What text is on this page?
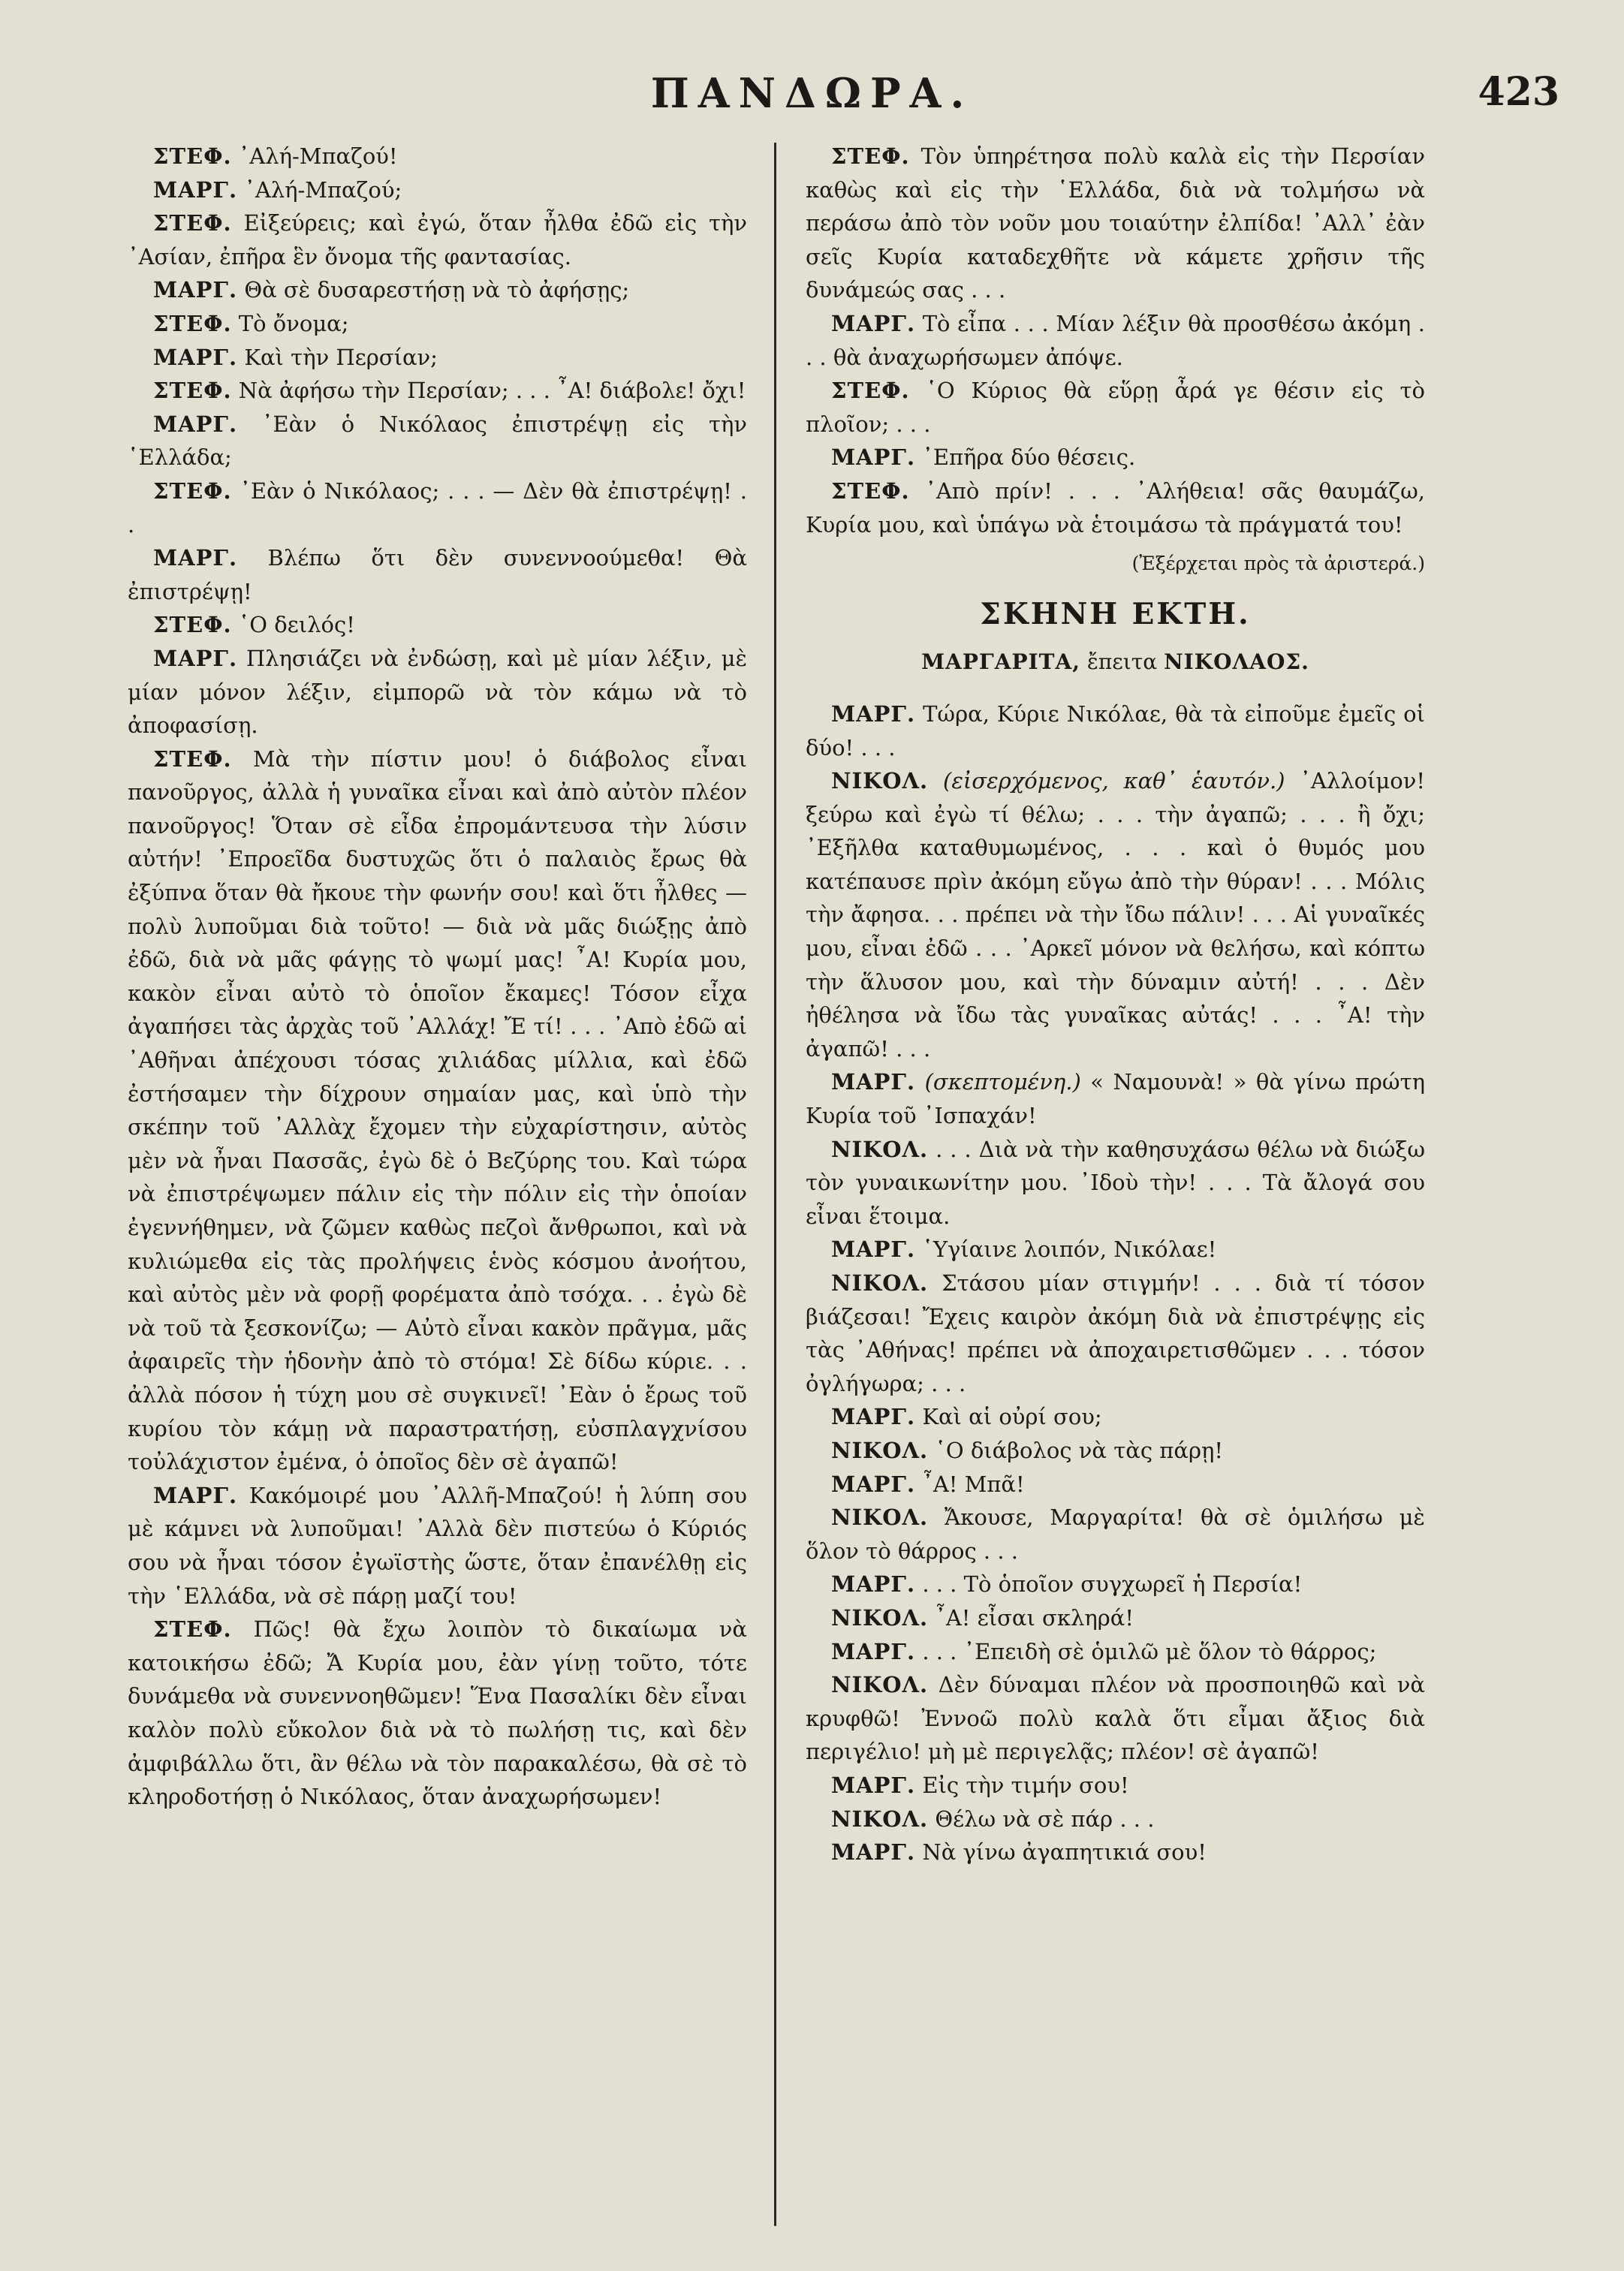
ΠΑΝΔΩΡΑ.	423

ΣΤΕΦ. ᾿Αλή-Μπαζού!

ΜΑΡΓ. ᾿Αλή-Μπαζού;

ΣΤΕΦ. Εἰξεύρεις; καὶ ἐγώ, ὅταν ἦλθα ἐδῶ εἰς τὴν ᾿Ασίαν, ἐπῆρα ἓν ὄνομα τῆς φαντασίας.

ΜΑΡΓ. Θὰ σὲ δυσαρεστήσῃ νὰ τὸ ἀφήσῃς;

ΣΤΕΦ. Τὸ ὄνομα;

ΜΑΡΓ. Καὶ τὴν Περσίαν;

ΣΤΕΦ. Νὰ ἀφήσω τὴν Περσίαν; . . . ῏Α! διάβολε! ὄχι!

ΜΑΡΓ. ᾿Εὰν ὁ Νικόλαος ἐπιστρέψῃ εἰς τὴν ῾Ελλάδα;

ΣΤΕΦ. ᾿Εὰν ὁ Νικόλαος; . . . — Δὲν θὰ ἐπιστρέψῃ! . .

ΜΑΡΓ. Βλέπω ὅτι δὲν συνεννοούμεθα! Θὰ ἐπιστρέψῃ!

ΣΤΕΦ. ῾Ο δειλός!

ΜΑΡΓ. Πλησιάζει νὰ ἐνδώσῃ, καὶ μὲ μίαν λέξιν, μὲ μίαν μόνον λέξιν, εἰμπορῶ νὰ τὸν κάμω νὰ τὸ ἀποφασίσῃ.

ΣΤΕΦ. Μὰ τὴν πίστιν μου! ὁ διάβολος εἶναι πανοῦργος, ἀλλὰ ἡ γυναῖκα εἶναι καὶ ἀπὸ αὐτὸν πλέον πανοῦργος! Ὅταν σὲ εἶδα ἐπρομάντευσα τὴν λύσιν αὐτήν! ᾿Επροεῖδα δυστυχῶς ὅτι ὁ παλαιὸς ἔρως θὰ ἐξύπνα ὅταν θὰ ἤκουε τὴν φωνήν σου! καὶ ὅτι ἦλθες — πολὺ λυποῦμαι διὰ τοῦτο! — διὰ νὰ μᾶς διώξῃς ἀπὸ ἐδῶ, διὰ νὰ μᾶς φάγῃς τὸ ψωμί μας! ῏Α! Κυρία μου, κακὸν εἶναι αὐτὸ τὸ ὁποῖον ἔκαμες! Τόσον εἶχα ἀγαπήσει τὰς ἀρχὰς τοῦ ᾿Αλλάχ! Ἔ τί! . . . ᾿Απὸ ἐδῶ αἱ ᾿Αθῆναι ἀπέχουσι τόσας χιλιάδας μίλλια, καὶ ἐδῶ ἐστήσαμεν τὴν δίχρουν σημαίαν μας, καὶ ὑπὸ τὴν σκέπην τοῦ ᾿Αλλὰχ ἔχομεν τὴν εὐχαρίστησιν, αὐτὸς μὲν νὰ ἦναι Πασσᾶς, ἐγὼ δὲ ὁ Βεζύρης του. Καὶ τώρα νὰ ἐπιστρέψωμεν πάλιν εἰς τὴν πόλιν εἰς τὴν ὁποίαν ἐγεννήθημεν, νὰ ζῶμεν καθὼς πεζοὶ ἄνθρωποι, καὶ νὰ κυλιώμεθα εἰς τὰς προλήψεις ἑνὸς κόσμου ἀνοήτου, καὶ αὐτὸς μὲν νὰ φορῇ φορέματα ἀπὸ τσόχα. . . ἐγὼ δὲ νὰ τοῦ τὰ ξεσκονίζω; — Αὐτὸ εἶναι κακὸν πρᾶγμα, μᾶς ἀφαιρεῖς τὴν ἡδονὴν ἀπὸ τὸ στόμα! Σὲ δίδω κύριε. . . ἀλλὰ πόσον ἡ τύχη μου σὲ συγκινεῖ! ᾿Εὰν ὁ ἔρως τοῦ κυρίου τὸν κάμῃ νὰ παραστρατήσῃ, εὐσπλαγχνίσου τοὐλάχιστον ἐμένα, ὁ ὁποῖος δὲν σὲ ἀγαπῶ!

ΜΑΡΓ. Κακόμοιρέ μου ᾿Αλλῆ-Μπαζού! ἡ λύπη σου μὲ κάμνει νὰ λυποῦμαι! ᾿Αλλὰ δὲν πιστεύω ὁ Κύριός σου νὰ ἦναι τόσον ἐγωϊστὴς ὥστε, ὅταν ἐπανέλθῃ εἰς τὴν ῾Ελλάδα, νὰ σὲ πάρῃ μαζί του!

ΣΤΕΦ. Πῶς! θὰ ἔχω λοιπὸν τὸ δικαίωμα νὰ κατοικήσω ἐδῶ; Ἄ Κυρία μου, ἐὰν γίνῃ τοῦτο, τότε δυνάμεθα νὰ συνεννοηθῶμεν! Ἕνα Πασαλίκι δὲν εἶναι καλὸν πολὺ εὔκολον διὰ νὰ τὸ πωλήσῃ τις, καὶ δὲν ἀμφιβάλλω ὅτι, ἂν θέλω νὰ τὸν παρακαλέσω, θὰ σὲ τὸ κληροδοτήσῃ ὁ Νικόλαος, ὅταν ἀναχωρήσωμεν!

ΣΤΕΦ. Τὸν ὑπηρέτησα πολὺ καλὰ εἰς τὴν Περσίαν καθὼς καὶ εἰς τὴν ῾Ελλάδα, διὰ νὰ τολμήσω νὰ περάσω ἀπὸ τὸν νοῦν μου τοιαύτην ἐλπίδα! ᾿Αλλ᾿ ἐὰν σεῖς Κυρία καταδεχθῆτε νὰ κάμετε χρῆσιν τῆς δυνάμεώς σας . . .

ΜΑΡΓ. Τὸ εἶπα . . . Μίαν λέξιν θὰ προσθέσω ἀκόμη . . . θὰ ἀναχωρήσωμεν ἀπόψε.

ΣΤΕΦ. ῾Ο Κύριος θὰ εὕρῃ ἆρά γε θέσιν εἰς τὸ πλοῖον; . . .

ΜΑΡΓ. ᾿Επῆρα δύο θέσεις.

ΣΤΕΦ. ᾿Απὸ πρίν! . . . ᾿Αλήθεια! σᾶς θαυμάζω, Κυρία μου, καὶ ὑπάγω νὰ ἑτοιμάσω τὰ πράγματά του!

(Ἐξέρχεται πρὸς τὰ ἀριστερά.)

ΣΚΗΝΗ ΕΚΤΗ.
ΜΑΡΓΑΡΙΤΑ, ἔπειτα ΝΙΚΟΛΑΟΣ.

ΜΑΡΓ. Τώρα, Κύριε Νικόλαε, θὰ τὰ εἰποῦμε ἐμεῖς οἱ δύο! . . .

ΝΙΚΟΛ. (εἰσερχόμενος, καθ᾿ ἑαυτόν.) ᾿Αλλοίμον! ξεύρω καὶ ἐγὼ τί θέλω; . . . τὴν ἀγαπῶ; . . . ἢ ὄχι; ᾿Εξῆλθα καταθυμωμένος, . . . καὶ ὁ θυμός μου κατέπαυσε πρὶν ἀκόμη εὔγω ἀπὸ τὴν θύραν! . . . Μόλις τὴν ἄφησα. . . πρέπει νὰ τὴν ἴδω πάλιν! . . . Αἱ γυναῖκές μου, εἶναι ἐδῶ . . . ᾿Αρκεῖ μόνον νὰ θελήσω, καὶ κόπτω τὴν ἅλυσον μου, καὶ τὴν δύναμιν αὐτή! . . . Δὲν ἠθέλησα νὰ ἴδω τὰς γυναῖκας αὐτάς! . . . ῏Α! τὴν ἀγαπῶ! . . .

ΜΑΡΓ. (σκεπτομένη.) « Ναμουνὰ! » θὰ γίνω πρώτη Κυρία τοῦ ᾿Ισπαχάν!

ΝΙΚΟΛ. . . . Διὰ νὰ τὴν καθησυχάσω θέλω νὰ διώξω τὸν γυναικωνίτην μου. ᾿Ιδοὺ τὴν! . . . Τὰ ἄλογά σου εἶναι ἕτοιμα.

ΜΑΡΓ. ῾Υγίαινε λοιπόν, Νικόλαε!

ΝΙΚΟΛ. Στάσου μίαν στιγμήν! . . . διὰ τί τόσον βιάζεσαι! Ἔχεις καιρὸν ἀκόμη διὰ νὰ ἐπιστρέψῃς εἰς τὰς ᾿Αθήνας! πρέπει νὰ ἀποχαιρετισθῶμεν . . . τόσον ὀγλήγωρα; . . .

ΜΑΡΓ. Καὶ αἱ οὐρί σου;

ΝΙΚΟΛ. ῾Ο διάβολος νὰ τὰς πάρῃ!

ΜΑΡΓ. ῏Α! Μπᾶ!

ΝΙΚΟΛ. Ἄκουσε, Μαργαρίτα! θὰ σὲ ὁμιλήσω μὲ ὅλον τὸ θάρρος . . .

ΜΑΡΓ. . . . Τὸ ὁποῖον συγχωρεῖ ἡ Περσία!

ΝΙΚΟΛ. ῏Α! εἶσαι σκληρά!

ΜΑΡΓ. . . . ᾿Επειδὴ σὲ ὁμιλῶ μὲ ὅλον τὸ θάρρος;

ΝΙΚΟΛ. Δὲν δύναμαι πλέον νὰ προσποιηθῶ καὶ νὰ κρυφθῶ! Ἐννοῶ πολὺ καλὰ ὅτι εἶμαι ἄξιος διὰ περιγέλιο! μὴ μὲ περιγελᾷς; πλέον! σὲ ἀγαπῶ!

ΜΑΡΓ. Εἰς τὴν τιμήν σου!

ΝΙΚΟΛ. Θέλω νὰ σὲ πάρ . . .

ΜΑΡΓ. Νὰ γίνω ἀγαπητικιά σου!
